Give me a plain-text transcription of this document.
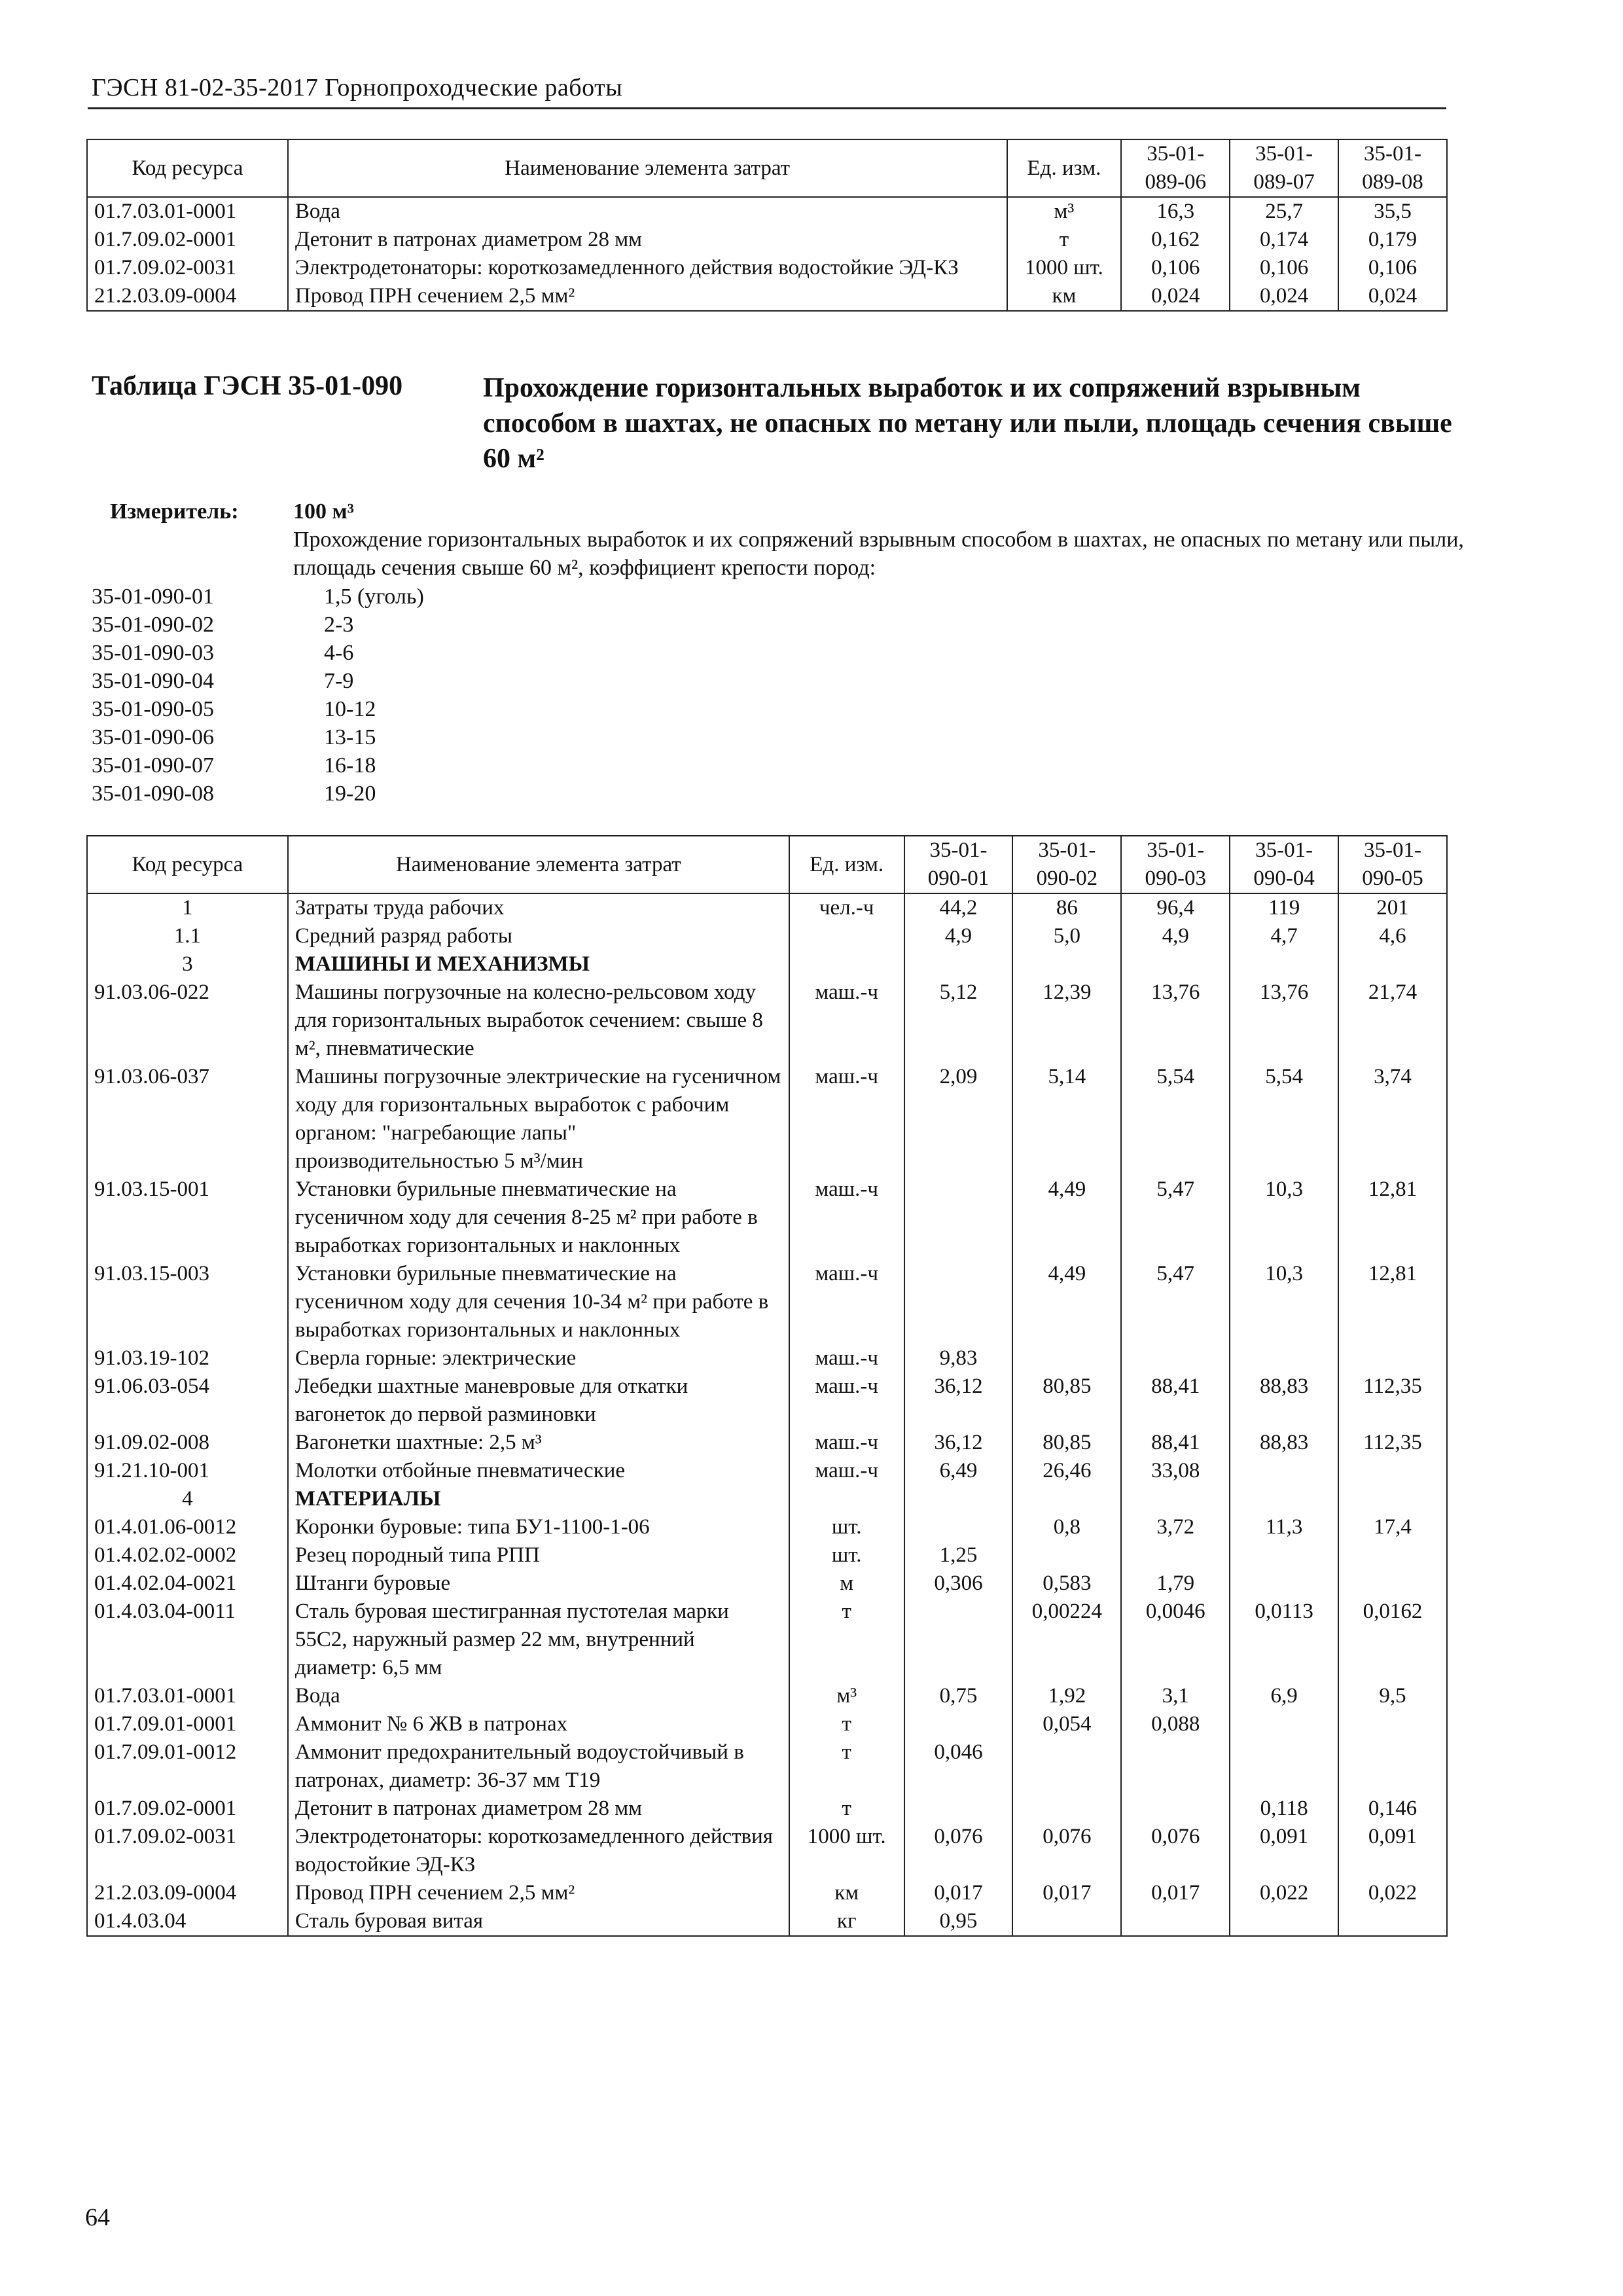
ГЭСН 81-02-35-2017 Горнопроходческие работы
Код ресурса	Наименование элемента затрат	Ед. изм.	35-01-089-06	35-01-089-07	35-01-089-08
01.7.03.01-0001	Вода	м³	16,3	25,7	35,5
01.7.09.02-0001	Детонит в патронах диаметром 28 мм	т	0,162	0,174	0,179
01.7.09.02-0031	Электродетонаторы: короткозамедленного действия водостойкие ЭД-КЗ	1000 шт.	0,106	0,106	0,106
21.2.03.09-0004	Провод ПРН сечением 2,5 мм²	км	0,024	0,024	0,024
Таблица ГЭСН 35-01-090	Прохождение горизонтальных выработок и их сопряжений взрывным способом в шахтах, не опасных по метану или пыли, площадь сечения свыше 60 м²
Измеритель: 100 м³
Прохождение горизонтальных выработок и их сопряжений взрывным способом в шахтах, не опасных по метану или пыли, площадь сечения свыше 60 м², коэффициент крепости пород:
35-01-090-01	1,5 (уголь)
35-01-090-02	2-3
35-01-090-03	4-6
35-01-090-04	7-9
35-01-090-05	10-12
35-01-090-06	13-15
35-01-090-07	16-18
35-01-090-08	19-20
Код ресурса	Наименование элемента затрат	Ед. изм.	35-01-090-01	35-01-090-02	35-01-090-03	35-01-090-04	35-01-090-05
1	Затраты труда рабочих	чел.-ч	44,2	86	96,4	119	201
1.1	Средний разряд работы		4,9	5,0	4,9	4,7	4,6
3	МАШИНЫ И МЕХАНИЗМЫ						
91.03.06-022	Машины погрузочные на колесно-рельсовом ходу для горизонтальных выработок сечением: свыше 8 м², пневматические	маш.-ч	5,12	12,39	13,76	13,76	21,74
91.03.06-037	Машины погрузочные электрические на гусеничном ходу для горизонтальных выработок с рабочим органом: "нагребающие лапы" производительностью 5 м³/мин	маш.-ч	2,09	5,14	5,54	5,54	3,74
91.03.15-001	Установки бурильные пневматические на гусеничном ходу для сечения 8-25 м² при работе в выработках горизонтальных и наклонных	маш.-ч		4,49	5,47	10,3	12,81
91.03.15-003	Установки бурильные пневматические на гусеничном ходу для сечения 10-34 м² при работе в выработках горизонтальных и наклонных	маш.-ч		4,49	5,47	10,3	12,81
91.03.19-102	Сверла горные: электрические	маш.-ч	9,83				
91.06.03-054	Лебедки шахтные маневровые для откатки вагонеток до первой разминовки	маш.-ч	36,12	80,85	88,41	88,83	112,35
91.09.02-008	Вагонетки шахтные: 2,5 м³	маш.-ч	36,12	80,85	88,41	88,83	112,35
91.21.10-001	Молотки отбойные пневматические	маш.-ч	6,49	26,46	33,08		
4	МАТЕРИАЛЫ						
01.4.01.06-0012	Коронки буровые: типа БУ1-1100-1-06	шт.		0,8	3,72	11,3	17,4
01.4.02.02-0002	Резец породный типа РПП	шт.	1,25				
01.4.02.04-0021	Штанги буровые	м	0,306	0,583	1,79		
01.4.03.04-0011	Сталь буровая шестигранная пустотелая марки 55С2, наружный размер 22 мм, внутренний диаметр: 6,5 мм	т		0,00224	0,0046	0,0113	0,0162
01.7.03.01-0001	Вода	м³	0,75	1,92	3,1	6,9	9,5
01.7.09.01-0001	Аммонит № 6 ЖВ в патронах	т		0,054	0,088		
01.7.09.01-0012	Аммонит предохранительный водоустойчивый в патронах, диаметр: 36-37 мм Т19	т	0,046				
01.7.09.02-0001	Детонит в патронах диаметром 28 мм	т				0,118	0,146
01.7.09.02-0031	Электродетонаторы: короткозамедленного действия водостойкие ЭД-КЗ	1000 шт.	0,076	0,076	0,076	0,091	0,091
21.2.03.09-0004	Провод ПРН сечением 2,5 мм²	км	0,017	0,017	0,017	0,022	0,022
01.4.03.04	Сталь буровая витая	кг	0,95				
64
